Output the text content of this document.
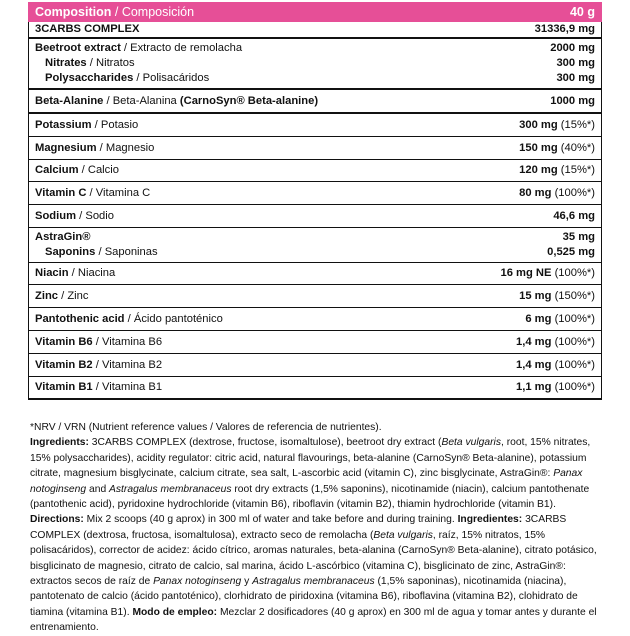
Composition / Composición	40 g
3CARBS COMPLEX	31336,9 mg
Beetroot extract / Extracto de remolacha	2000 mg
Nitrates / Nitratos	300 mg
Polysaccharides / Polisacáridos	300 mg
Beta-Alanine / Beta-Alanina (CarnoSyn® Beta-alanine)	1000 mg
Potassium / Potasio	300 mg (15%*)
Magnesium / Magnesio	150 mg (40%*)
Calcium / Calcio	120 mg (15%*)
Vitamin C / Vitamina C	80 mg (100%*)
Sodium / Sodio	46,6 mg
AstraGin®	35 mg
Saponins / Saponinas	0,525 mg
Niacin / Niacina	16 mg NE (100%*)
Zinc / Zinc	15 mg (150%*)
Pantothenic acid / Ácido pantoténico	6 mg (100%*)
Vitamin B6 / Vitamina B6	1,4 mg (100%*)
Vitamin B2 / Vitamina B2	1,4 mg (100%*)
Vitamin B1 / Vitamina B1	1,1 mg (100%*)

*NRV / VRN (Nutrient reference values / Valores de referencia de nutrientes).

Ingredients: 3CARBS COMPLEX (dextrose, fructose, isomaltulose), beetroot dry extract (Beta vulgaris, root, 15% nitrates, 15% polysaccharides), acidity regulator: citric acid, natural flavourings, beta-alanine (CarnoSyn® Beta-alanine), potassium citrate, magnesium bisglycinate, calcium citrate, sea salt, L-ascorbic acid (vitamin C), zinc bisglycinate, AstraGin®: Panax notoginseng and Astragalus membranaceus root dry extracts (1,5% saponins), nicotinamide (niacin), calcium pantothenate (pantothenic acid), pyridoxine hydrochloride (vitamin B6), riboflavin (vitamin B2), thiamin hydrochloride (vitamin B1). Directions: Mix 2 scoops (40 g aprox) in 300 ml of water and take before and during training. Ingredientes: 3CARBS COMPLEX (dextrosa, fructosa, isomaltulosa), extracto seco de remolacha (Beta vulgaris, raíz, 15% nitratos, 15% polisacáridos), corrector de acidez: ácido cítrico, aromas naturales, beta-alanina (CarnoSyn® Beta-alanine), citrato potásico, bisglicinato de magnesio, citrato de calcio, sal marina, ácido L-ascórbico (vitamina C), bisglicinato de zinc, AstraGin®: extractos secos de raíz de Panax notoginseng y Astragalus membranaceus (1,5% saponinas), nicotinamida (niacina), pantotenato de calcio (ácido pantoténico), clorhidrato de piridoxina (vitamina B6), riboflavina (vitamina B2), clohidrato de tiamina (vitamina B1). Modo de empleo: Mezclar 2 dosificadores (40 g aprox) en 300 ml de agua y tomar antes y durante el entrenamiento.
